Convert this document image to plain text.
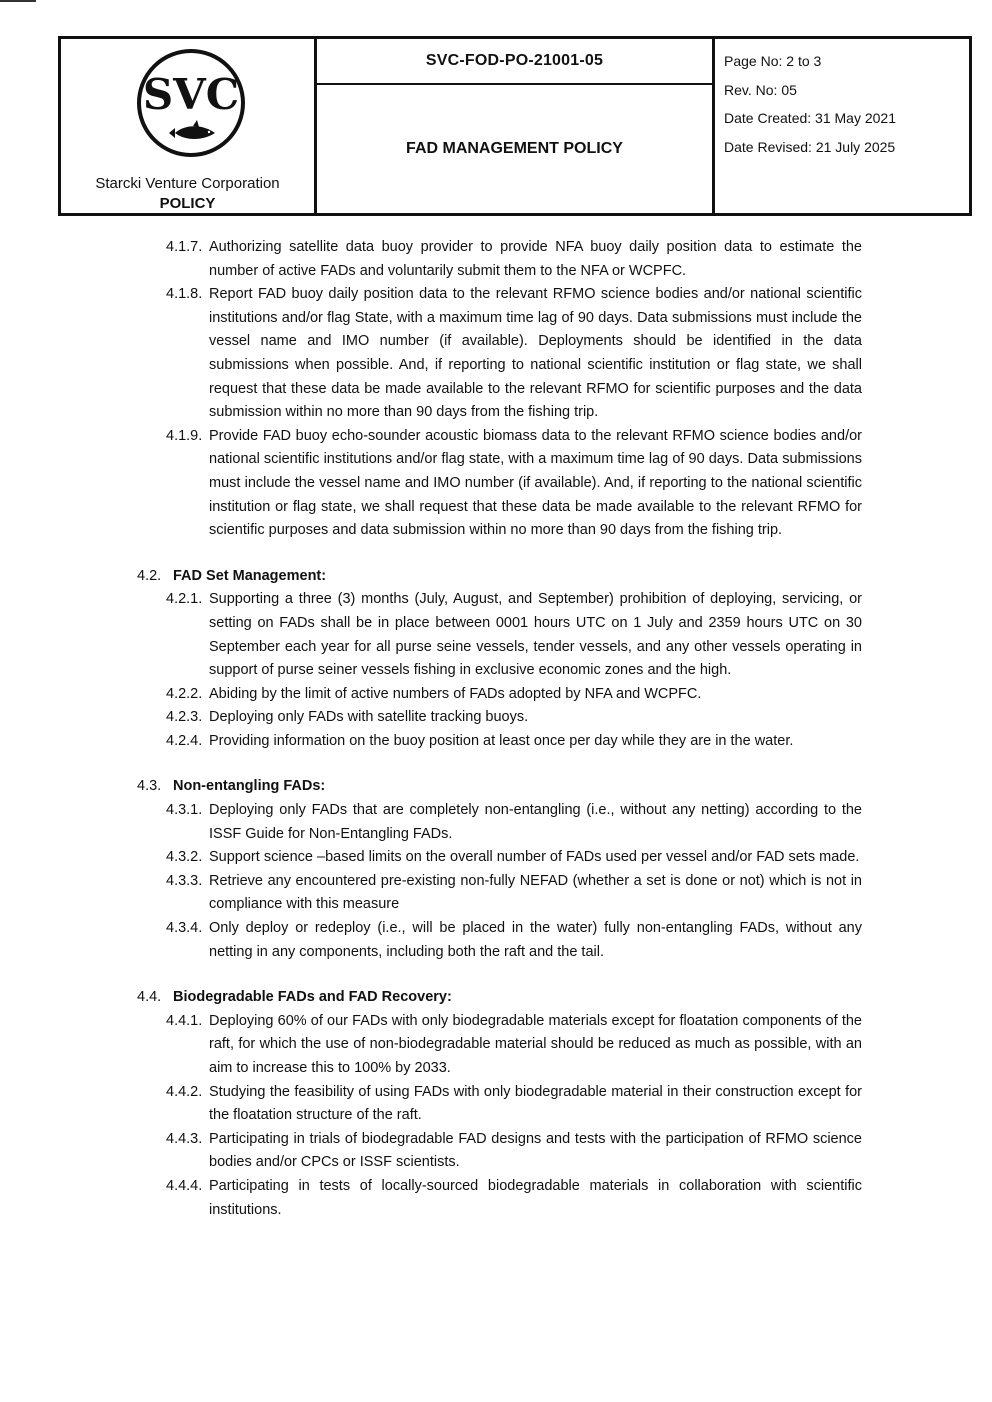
SVC
Starcki Venture Corporation
POLICY
SVC-FOD-PO-21001-05
FAD MANAGEMENT POLICY
Page No: 2 to 3
Rev. No: 05
Date Created: 31 May 2021
Date Revised: 21 July 2025
4.1.7. Authorizing satellite data buoy provider to provide NFA buoy daily position data to estimate the number of active FADs and voluntarily submit them to the NFA or WCPFC.
4.1.8. Report FAD buoy daily position data to the relevant RFMO science bodies and/or national scientific institutions and/or flag State, with a maximum time lag of 90 days. Data submissions must include the vessel name and IMO number (if available). Deployments should be identified in the data submissions when possible. And, if reporting to national scientific institution or flag state, we shall request that these data be made available to the relevant RFMO for scientific purposes and the data submission within no more than 90 days from the fishing trip.
4.1.9. Provide FAD buoy echo-sounder acoustic biomass data to the relevant RFMO science bodies and/or national scientific institutions and/or flag state, with a maximum time lag of 90 days. Data submissions must include the vessel name and IMO number (if available). And, if reporting to the national scientific institution or flag state, we shall request that these data be made available to the relevant RFMO for scientific purposes and data submission within no more than 90 days from the fishing trip.
4.2. FAD Set Management:
4.2.1. Supporting a three (3) months (July, August, and September) prohibition of deploying, servicing, or setting on FADs shall be in place between 0001 hours UTC on 1 July and 2359 hours UTC on 30 September each year for all purse seine vessels, tender vessels, and any other vessels operating in support of purse seiner vessels fishing in exclusive economic zones and the high.
4.2.2. Abiding by the limit of active numbers of FADs adopted by NFA and WCPFC.
4.2.3. Deploying only FADs with satellite tracking buoys.
4.2.4. Providing information on the buoy position at least once per day while they are in the water.
4.3. Non-entangling FADs:
4.3.1. Deploying only FADs that are completely non-entangling (i.e., without any netting) according to the ISSF Guide for Non-Entangling FADs.
4.3.2. Support science –based limits on the overall number of FADs used per vessel and/or FAD sets made.
4.3.3. Retrieve any encountered pre-existing non-fully NEFAD (whether a set is done or not) which is not in compliance with this measure
4.3.4. Only deploy or redeploy (i.e., will be placed in the water) fully non-entangling FADs, without any netting in any components, including both the raft and the tail.
4.4. Biodegradable FADs and FAD Recovery:
4.4.1. Deploying 60% of our FADs with only biodegradable materials except for floatation components of the raft, for which the use of non-biodegradable material should be reduced as much as possible, with an aim to increase this to 100% by 2033.
4.4.2. Studying the feasibility of using FADs with only biodegradable material in their construction except for the floatation structure of the raft.
4.4.3. Participating in trials of biodegradable FAD designs and tests with the participation of RFMO science bodies and/or CPCs or ISSF scientists.
4.4.4. Participating in tests of locally-sourced biodegradable materials in collaboration with scientific institutions.
